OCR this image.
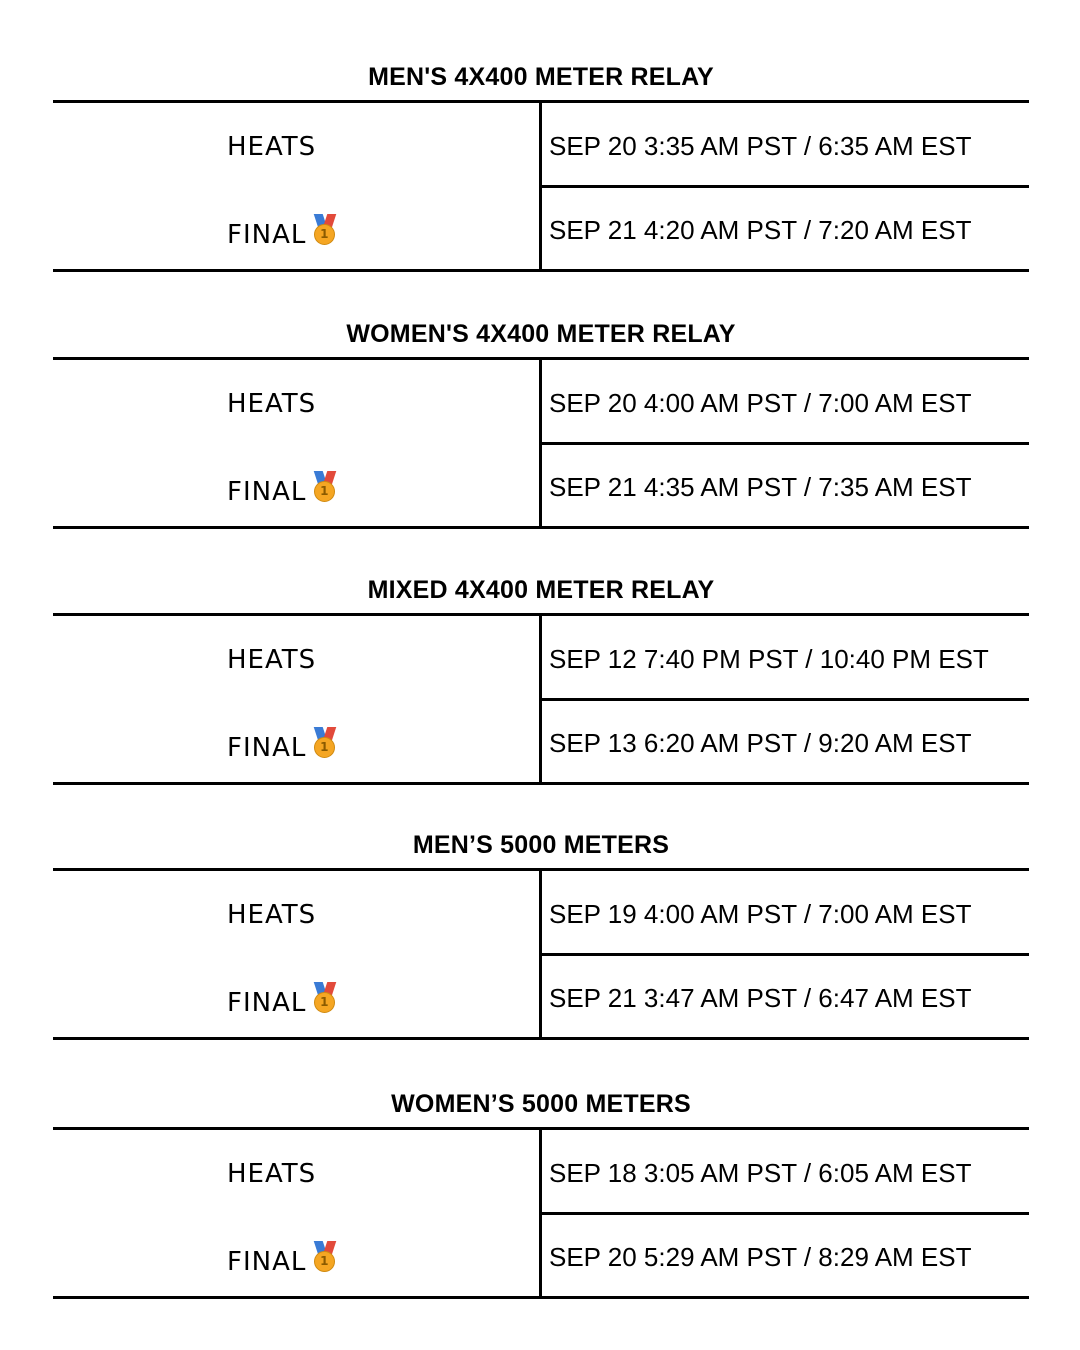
MEN'S 4X400 METER RELAY
HEATS	SEP 20 3:35 AM PST / 6:35 AM EST
FINAL	1	SEP 21 4:20 AM PST / 7:20 AM EST
WOMEN'S 4X400 METER RELAY
HEATS	SEP 20 4:00 AM PST / 7:00 AM EST
FINAL	1	SEP 21 4:35 AM PST / 7:35 AM EST
MIXED 4X400 METER RELAY
HEATS	SEP 12 7:40 PM PST / 10:40 PM EST
FINAL	1	SEP 13 6:20 AM PST / 9:20 AM EST
MEN’S 5000 METERS
HEATS	SEP 19 4:00 AM PST / 7:00 AM EST
FINAL	1	SEP 21 3:47 AM PST / 6:47 AM EST
WOMEN’S 5000 METERS
HEATS	SEP 18 3:05 AM PST / 6:05 AM EST
FINAL	1	SEP 20 5:29 AM PST / 8:29 AM EST
